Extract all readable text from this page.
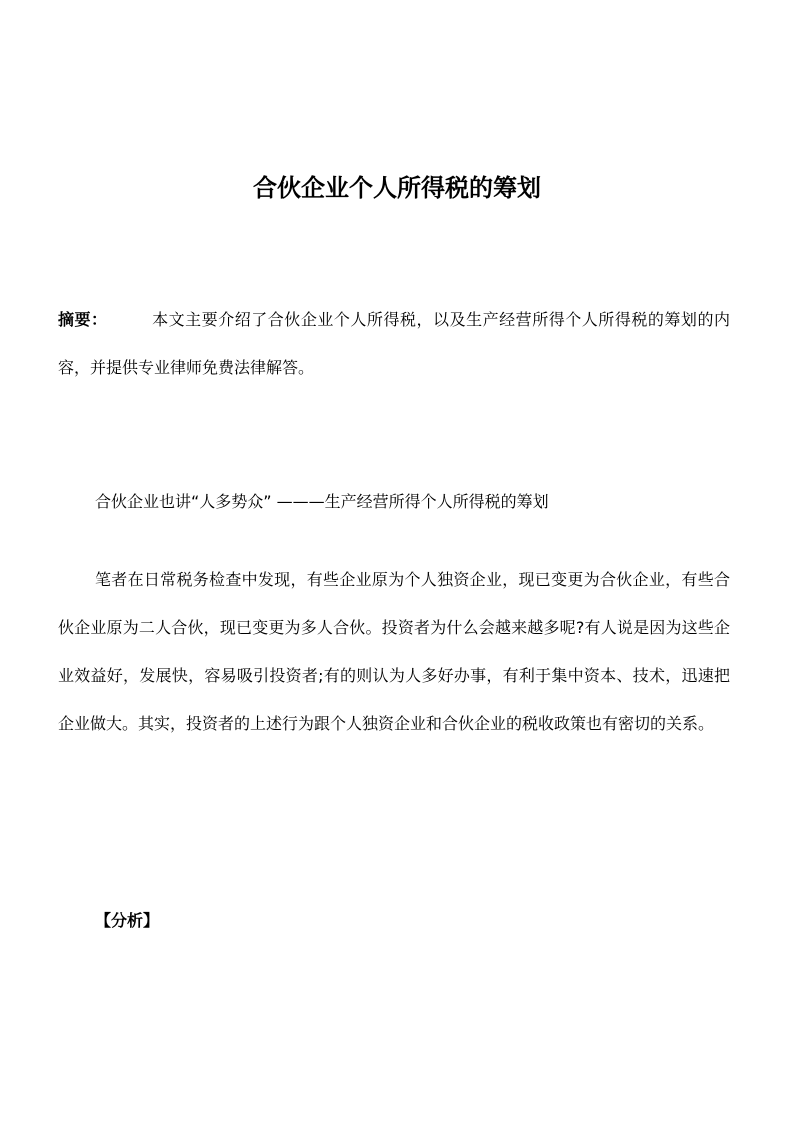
合伙企业个人所得税的筹划
摘要：	本文主要介绍了合伙企业个人所得税，以及生产经营所得个人所得税的筹划的内容，并提供专业律师免费法律解答。
合伙企业也讲“人多势众” ———生产经营所得个人所得税的筹划
笔者在日常税务检查中发现，有些企业原为个人独资企业，现已变更为合伙企业，有些合伙企业原为二人合伙，现已变更为多人合伙。投资者为什么会越来越多呢?有人说是因为这些企业效益好，发展快，容易吸引投资者;有的则认为人多好办事，有利于集中资本、技术，迅速把企业做大。其实，投资者的上述行为跟个人独资企业和合伙企业的税收政策也有密切的关系。
【分析】
